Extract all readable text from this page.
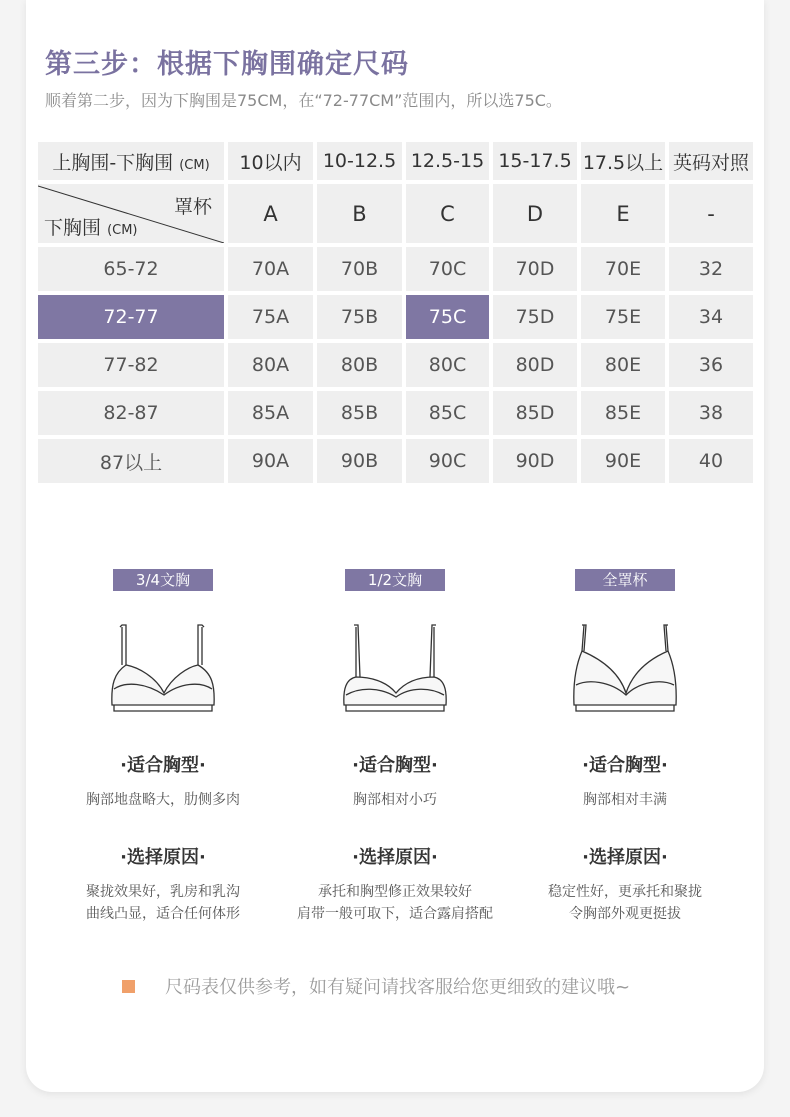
第三步：根据下胸围确定尺码
顺着第二步，因为下胸围是75CM，在“72-77CM”范围内，所以选75C。
上胸围-下胸围 (CM)	10以内	10-12.5	12.5-15	15-17.5	17.5以上	英码对照

罩杯
下胸围 (CM)	A	B	C	D	E	-
65-72	70A	70B	70C	70D	70E	32
72-77	75A	75B	75C	75D	75E	34
77-82	80A	80B	80C	80D	80E	36
82-87	85A	85B	85C	85D	85E	38
87以上	90A	90B	90C	90D	90E	40
3/4文胸
·适合胸型·
胸部地盘略大，肋侧多肉
·选择原因·
聚拢效果好，乳房和乳沟
曲线凸显，适合任何体形
1/2文胸
·适合胸型·
胸部相对小巧
·选择原因·
承托和胸型修正效果较好
肩带一般可取下，适合露肩搭配
全罩杯
·适合胸型·
胸部相对丰满
·选择原因·
稳定性好，更承托和聚拢
令胸部外观更挺拔
尺码表仅供参考，如有疑问请找客服给您更细致的建议哦~
